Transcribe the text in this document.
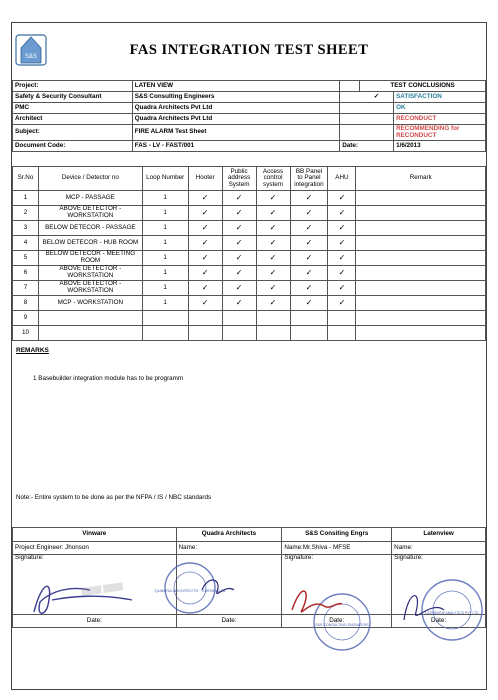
S&S	FAS INTEGRATION TEST SHEET
Project:	LATEN VIEW		TEST CONCLUSIONS	
Safety & Security Consultant	S&S Consulting Engineers		✓	SATISFACTION
PMC	Quadra Architects Pvt Ltd			OK
Architect	Quadra Architects Pvt Ltd			RECONDUCT
Subject:	FIRE ALARM Test Sheet			RECOMMENDING for RECONDUCT
Document Code:	FAS - LV - FAST/001	Date:		1/6/2013
Sr.No	Device / Detector no	Loop Number	Hooter	Public address System	Access control system	BB Panel to Panel integration	AHU	Remark
1	MCP - PASSAGE	1	✓	✓	✓	✓	✓	
2	ABOVE DETECTOR - WORKSTATION	1	✓	✓	✓	✓	✓	
3	BELOW DETECOR - PASSAGE	1	✓	✓	✓	✓	✓	
4	BELOW DETECOR - HUB ROOM	1	✓	✓	✓	✓	✓	
5	BELOW DETECOR - MEETING ROOM	1	✓	✓	✓	✓	✓	
6	ABOVE DETECTOR - WORKSTATION	1	✓	✓	✓	✓	✓	
7	ABOVE DETECTOR - WORKSTATION	1	✓	✓	✓	✓	✓	
8	MCP - WORKSTATION	1	✓	✓	✓	✓	✓	
9								
10								
REMARKS
1 Basebuilder integration module has to be programm
Note:- Entire system to be done as per the NFPA / IS / NBC standards
Vinware	Quadra Architects	S&S Consiting Engrs	Latenview
Project Engineer: Jhonson	Name:	Name:Mr.Shiva - MFSE	Name:
Signature:		Signature:	Signature:
Date:	Date:	Date:	Date:
▒▒▒▒ ▒▒▒▒	QUADRA ARCHITECTS · CHENNAI-28
S&S CONSULTING ENGINEERS
LATENVIEW ANALYTICS PVT LTD
